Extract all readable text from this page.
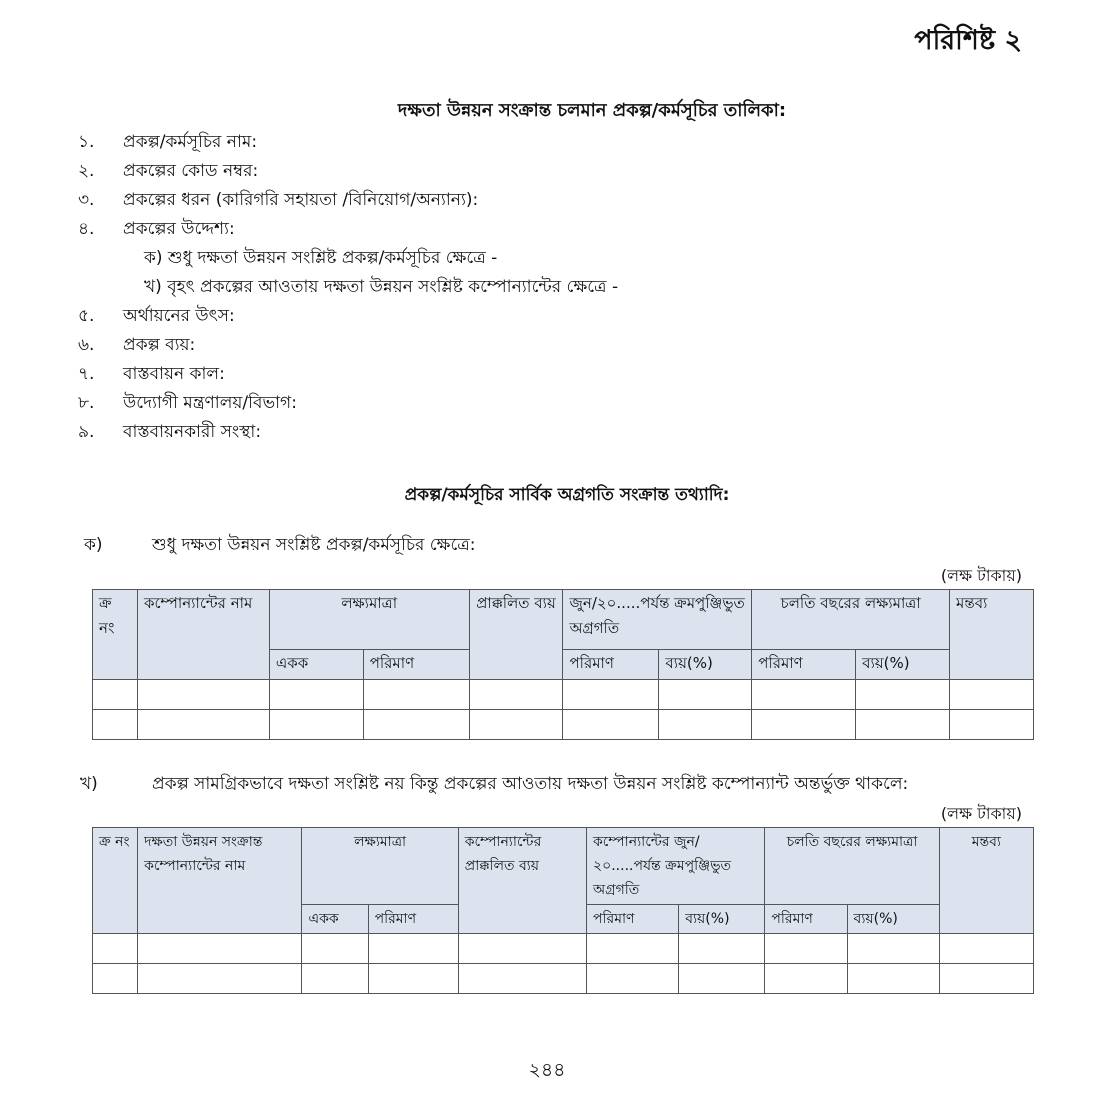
পরিশিষ্ট ২
দক্ষতা উন্নয়ন সংক্রান্ত চলমান প্রকল্প/কর্মসূচির তালিকা:
১.	প্রকল্প/কর্মসূচির নাম:
২.	প্রকল্পের কোড নম্বর:
৩.	প্রকল্পের ধরন (কারিগরি সহায়তা /বিনিয়োগ/অন্যান্য):
৪.	প্রকল্পের উদ্দেশ্য:
ক) শুধু দক্ষতা উন্নয়ন সংশ্লিষ্ট প্রকল্প/কর্মসূচির ক্ষেত্রে -
খ) বৃহৎ প্রকল্পের আওতায় দক্ষতা উন্নয়ন সংশ্লিষ্ট কম্পোন্যান্টের ক্ষেত্রে -
৫.	অর্থায়নের উৎস:
৬.	প্রকল্প ব্যয়:
৭.	বাস্তবায়ন কাল:
৮.	উদ্যোগী মন্ত্রণালয়/বিভাগ:
৯.	বাস্তবায়নকারী সংস্থা:
প্রকল্প/কর্মসূচির সার্বিক অগ্রগতি সংক্রান্ত তথ্যাদি:
ক)	শুধু দক্ষতা উন্নয়ন সংশ্লিষ্ট প্রকল্প/কর্মসূচির ক্ষেত্রে:
(লক্ষ টাকায়)
ক্র নং	কম্পোন্যান্টের নাম	লক্ষ্যমাত্রা		প্রাক্কলিত ব্যয়	জুন/২০.....পর্যন্ত ক্রমপুঞ্জিভুত অগ্রগতি		চলতি বছরের লক্ষ্যমাত্রা		মন্তব্য
		একক	পরিমাণ		পরিমাণ	ব্যয়(%)	পরিমাণ	ব্যয়(%)	

খ)	প্রকল্প সামগ্রিকভাবে দক্ষতা সংশ্লিষ্ট নয় কিন্তু প্রকল্পের আওতায় দক্ষতা উন্নয়ন সংশ্লিষ্ট কম্পোন্যান্ট অন্তর্ভুক্ত থাকলে:
(লক্ষ টাকায়)
ক্র নং	দক্ষতা উন্নয়ন সংক্রান্ত কম্পোন্যান্টের নাম	লক্ষ্যমাত্রা		কম্পোন্যান্টের প্রাক্কলিত ব্যয়	কম্পোন্যান্টের জুন/২০.....পর্যন্ত ক্রমপুঞ্জিভুত অগ্রগতি		চলতি বছরের লক্ষ্যমাত্রা		মন্তব্য
		একক	পরিমাণ		পরিমাণ	ব্যয়(%)	পরিমাণ	ব্যয়(%)	

২৪৪
